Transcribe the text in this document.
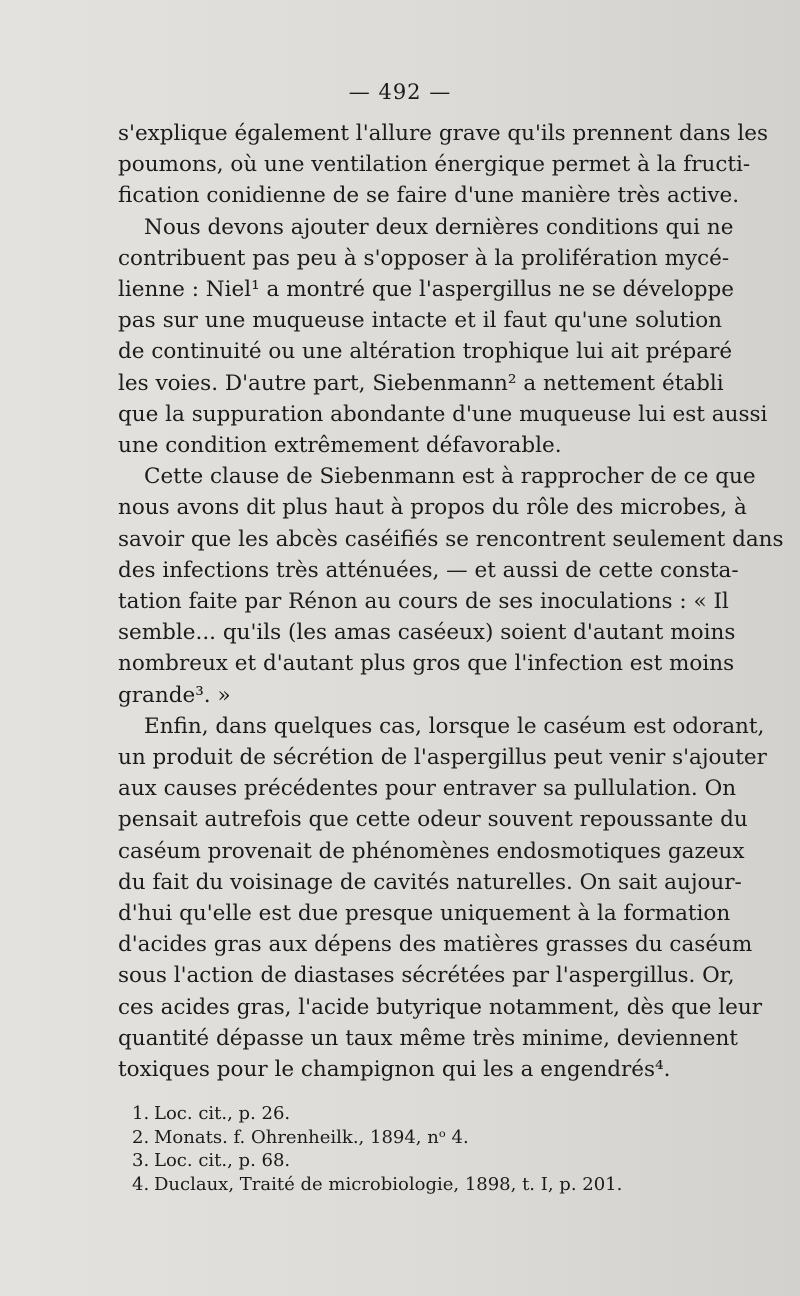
— 492 —

s'explique également l'allure grave qu'ils prennent dans les
poumons, où une ventilation énergique permet à la fructi-
fication conidienne de se faire d'une manière très active.

Nous devons ajouter deux dernières conditions qui ne
contribuent pas peu à s'opposer à la prolifération mycé-
lienne : Niel¹ a montré que l'aspergillus ne se développe
pas sur une muqueuse intacte et il faut qu'une solution
de continuité ou une altération trophique lui ait préparé
les voies. D'autre part, Siebenmann² a nettement établi
que la suppuration abondante d'une muqueuse lui est aussi
une condition extrêmement défavorable.

Cette clause de Siebenmann est à rapprocher de ce que
nous avons dit plus haut à propos du rôle des microbes, à
savoir que les abcès caséifiés se rencontrent seulement dans
des infections très atténuées, — et aussi de cette consta-
tation faite par Rénon au cours de ses inoculations : « Il
semble... qu'ils (les amas caséeux) soient d'autant moins
nombreux et d'autant plus gros que l'infection est moins
grande³. »

Enfin, dans quelques cas, lorsque le caséum est odorant,
un produit de sécrétion de l'aspergillus peut venir s'ajouter
aux causes précédentes pour entraver sa pullulation. On
pensait autrefois que cette odeur souvent repoussante du
caséum provenait de phénomènes endosmotiques gazeux
du fait du voisinage de cavités naturelles. On sait aujour-
d'hui qu'elle est due presque uniquement à la formation
d'acides gras aux dépens des matières grasses du caséum
sous l'action de diastases sécrétées par l'aspergillus. Or,
ces acides gras, l'acide butyrique notamment, dès que leur
quantité dépasse un taux même très minime, deviennent
toxiques pour le champignon qui les a engendrés⁴.

1. Loc. cit., p. 26.
2. Monats. f. Ohrenheilk., 1894, nᵒ 4.
3. Loc. cit., p. 68.
4. Duclaux, Traité de microbiologie, 1898, t. I, p. 201.
